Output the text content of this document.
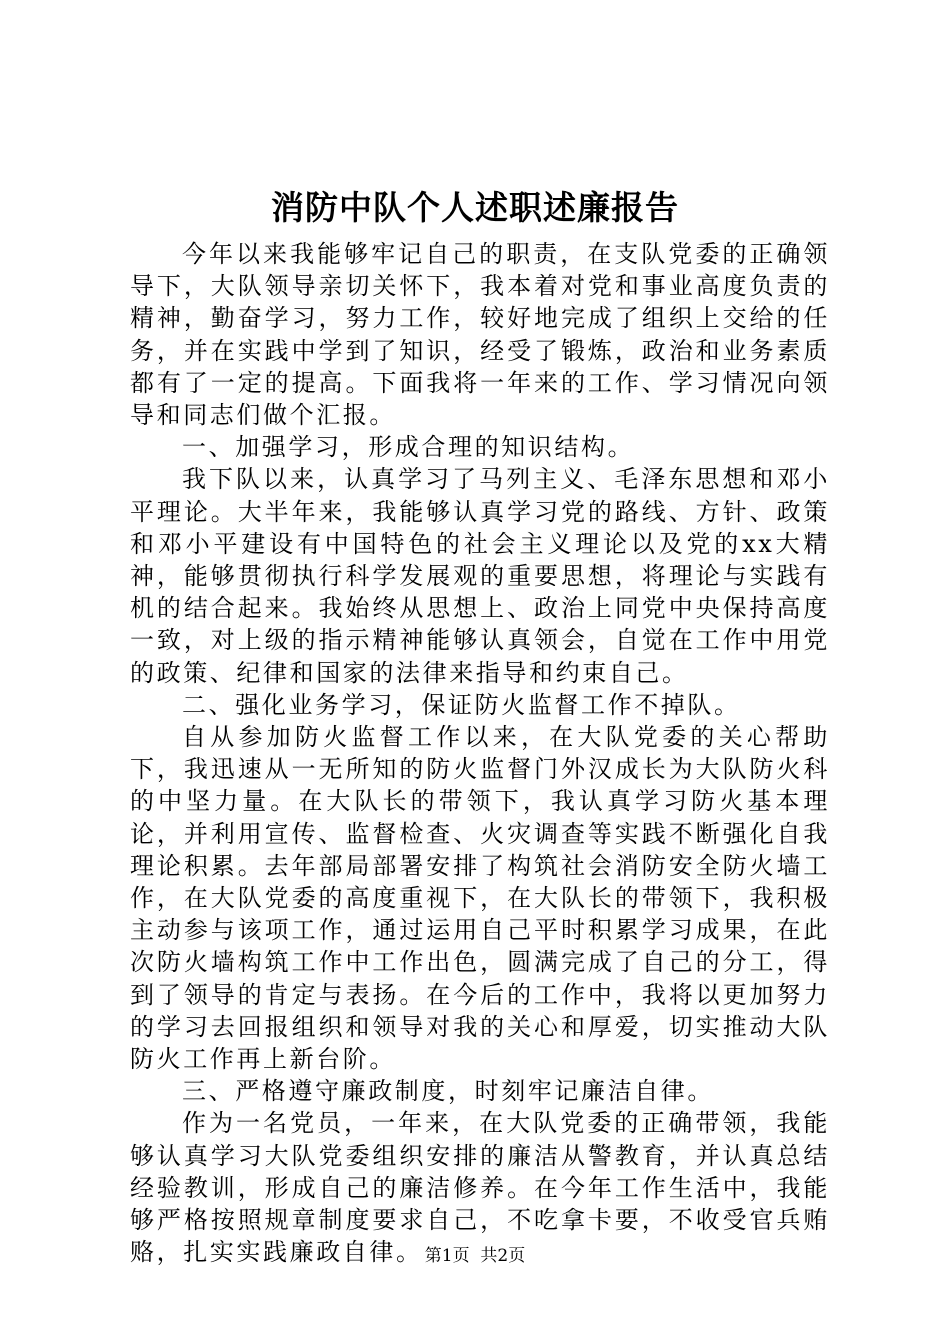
消防中队个人述职述廉报告

今年以来我能够牢记自己的职责，在支队党委的正确领导下，大队领导亲切关怀下，我本着对党和事业高度负责的精神，勤奋学习，努力工作，较好地完成了组织上交给的任务，并在实践中学到了知识，经受了锻炼，政治和业务素质都有了一定的提高。下面我将一年来的工作、学习情况向领导和同志们做个汇报。

一、加强学习，形成合理的知识结构。

我下队以来，认真学习了马列主义、毛泽东思想和邓小平理论。大半年来，我能够认真学习党的路线、方针、政策和邓小平建设有中国特色的社会主义理论以及党的xx大精神，能够贯彻执行科学发展观的重要思想，将理论与实践有机的结合起来。我始终从思想上、政治上同党中央保持高度一致，对上级的指示精神能够认真领会，自觉在工作中用党的政策、纪律和国家的法律来指导和约束自己。

二、强化业务学习，保证防火监督工作不掉队。

自从参加防火监督工作以来，在大队党委的关心帮助下，我迅速从一无所知的防火监督门外汉成长为大队防火科的中坚力量。在大队长的带领下，我认真学习防火基本理论，并利用宣传、监督检查、火灾调查等实践不断强化自我理论积累。去年部局部署安排了构筑社会消防安全防火墙工作，在大队党委的高度重视下，在大队长的带领下，我积极主动参与该项工作，通过运用自己平时积累学习成果，在此次防火墙构筑工作中工作出色，圆满完成了自己的分工，得到了领导的肯定与表扬。在今后的工作中，我将以更加努力的学习去回报组织和领导对我的关心和厚爱，切实推动大队防火工作再上新台阶。

三、严格遵守廉政制度，时刻牢记廉洁自律。

作为一名党员，一年来，在大队党委的正确带领，我能够认真学习大队党委组织安排的廉洁从警教育，并认真总结经验教训，形成自己的廉洁修养。在今年工作生活中，我能够严格按照规章制度要求自己，不吃拿卡要，不收受官兵贿赂，扎实实践廉政自律。 第1页  共2页
